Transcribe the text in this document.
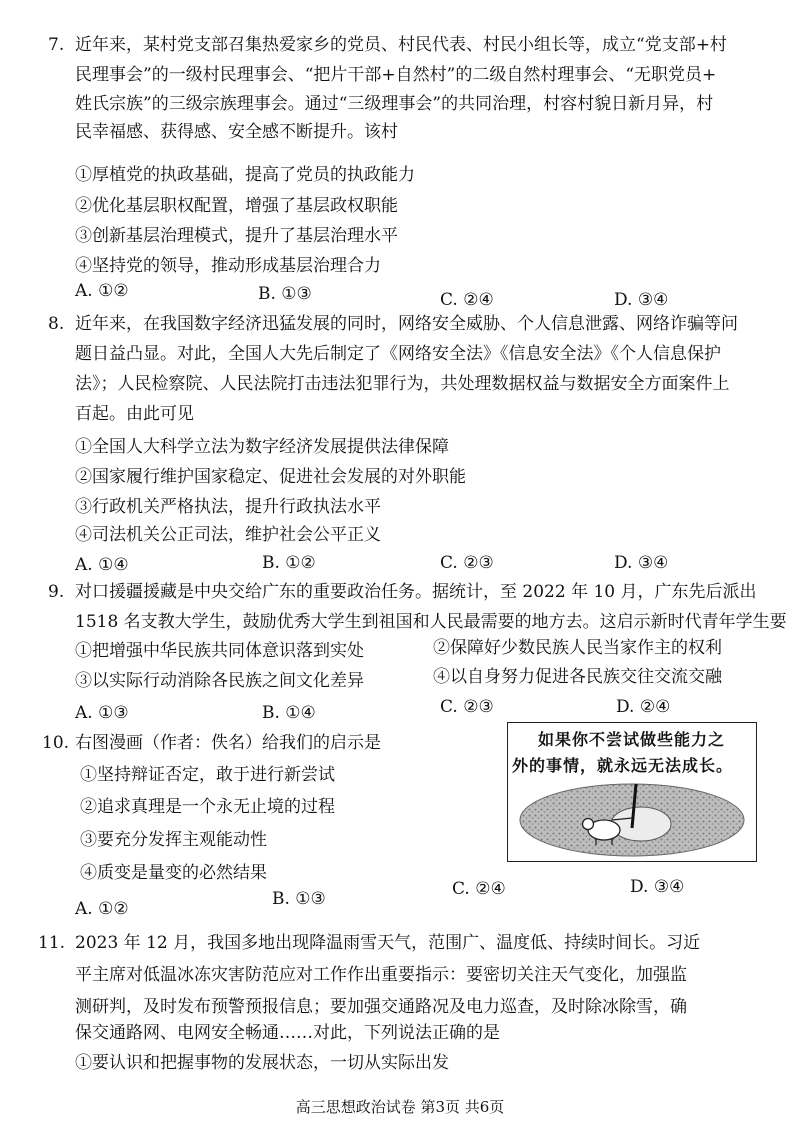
7. 近年来，某村党支部召集热爱家乡的党员、村民代表、村民小组长等，成立“党支部+村
民理事会”的一级村民理事会、“把片干部+自然村”的二级自然村理事会、“无职党员+
姓氏宗族”的三级宗族理事会。通过“三级理事会”的共同治理，村容村貌日新月异，村
民幸福感、获得感、安全感不断提升。该村
①厚植党的执政基础，提高了党员的执政能力
②优化基层职权配置，增强了基层政权职能
③创新基层治理模式，提升了基层治理水平
④坚持党的领导，推动形成基层治理合力
A. ①②	B. ①③	C. ②④	D. ③④
8. 近年来，在我国数字经济迅猛发展的同时，网络安全威胁、个人信息泄露、网络诈骗等问
题日益凸显。对此，全国人大先后制定了《网络安全法》《信息安全法》《个人信息保护
法》；人民检察院、人民法院打击违法犯罪行为，共处理数据权益与数据安全方面案件上
百起。由此可见
①全国人大科学立法为数字经济发展提供法律保障
②国家履行维护国家稳定、促进社会发展的对外职能
③行政机关严格执法，提升行政执法水平
④司法机关公正司法，维护社会公平正义
A. ①④	B. ①②	C. ②③	D. ③④
9. 对口援疆援藏是中央交给广东的重要政治任务。据统计，至 2022 年 10 月，广东先后派出
1518 名支教大学生，鼓励优秀大学生到祖国和人民最需要的地方去。这启示新时代青年学生要
①把增强中华民族共同体意识落到实处	②保障好少数民族人民当家作主的权利
③以实际行动消除各民族之间文化差异	④以自身努力促进各民族交往交流交融
A. ①③	B. ①④	C. ②③	D. ②④
10. 右图漫画（作者：佚名）给我们的启示是
①坚持辩证否定，敢于进行新尝试
②追求真理是一个永无止境的过程
③要充分发挥主观能动性
④质变是量变的必然结果
A. ①②	B. ①③	C. ②④	D. ③④
如果你不尝试做些能力之
外的事情，就永远无法成长。
11. 2023 年 12 月，我国多地出现降温雨雪天气，范围广、温度低、持续时间长。习近
平主席对低温冰冻灾害防范应对工作作出重要指示：要密切关注天气变化，加强监
测研判，及时发布预警预报信息；要加强交通路况及电力巡查，及时除冰除雪，确
保交通路网、电网安全畅通……对此，下列说法正确的是
①要认识和把握事物的发展状态，一切从实际出发
高三思想政治试卷 第3页 共6页
